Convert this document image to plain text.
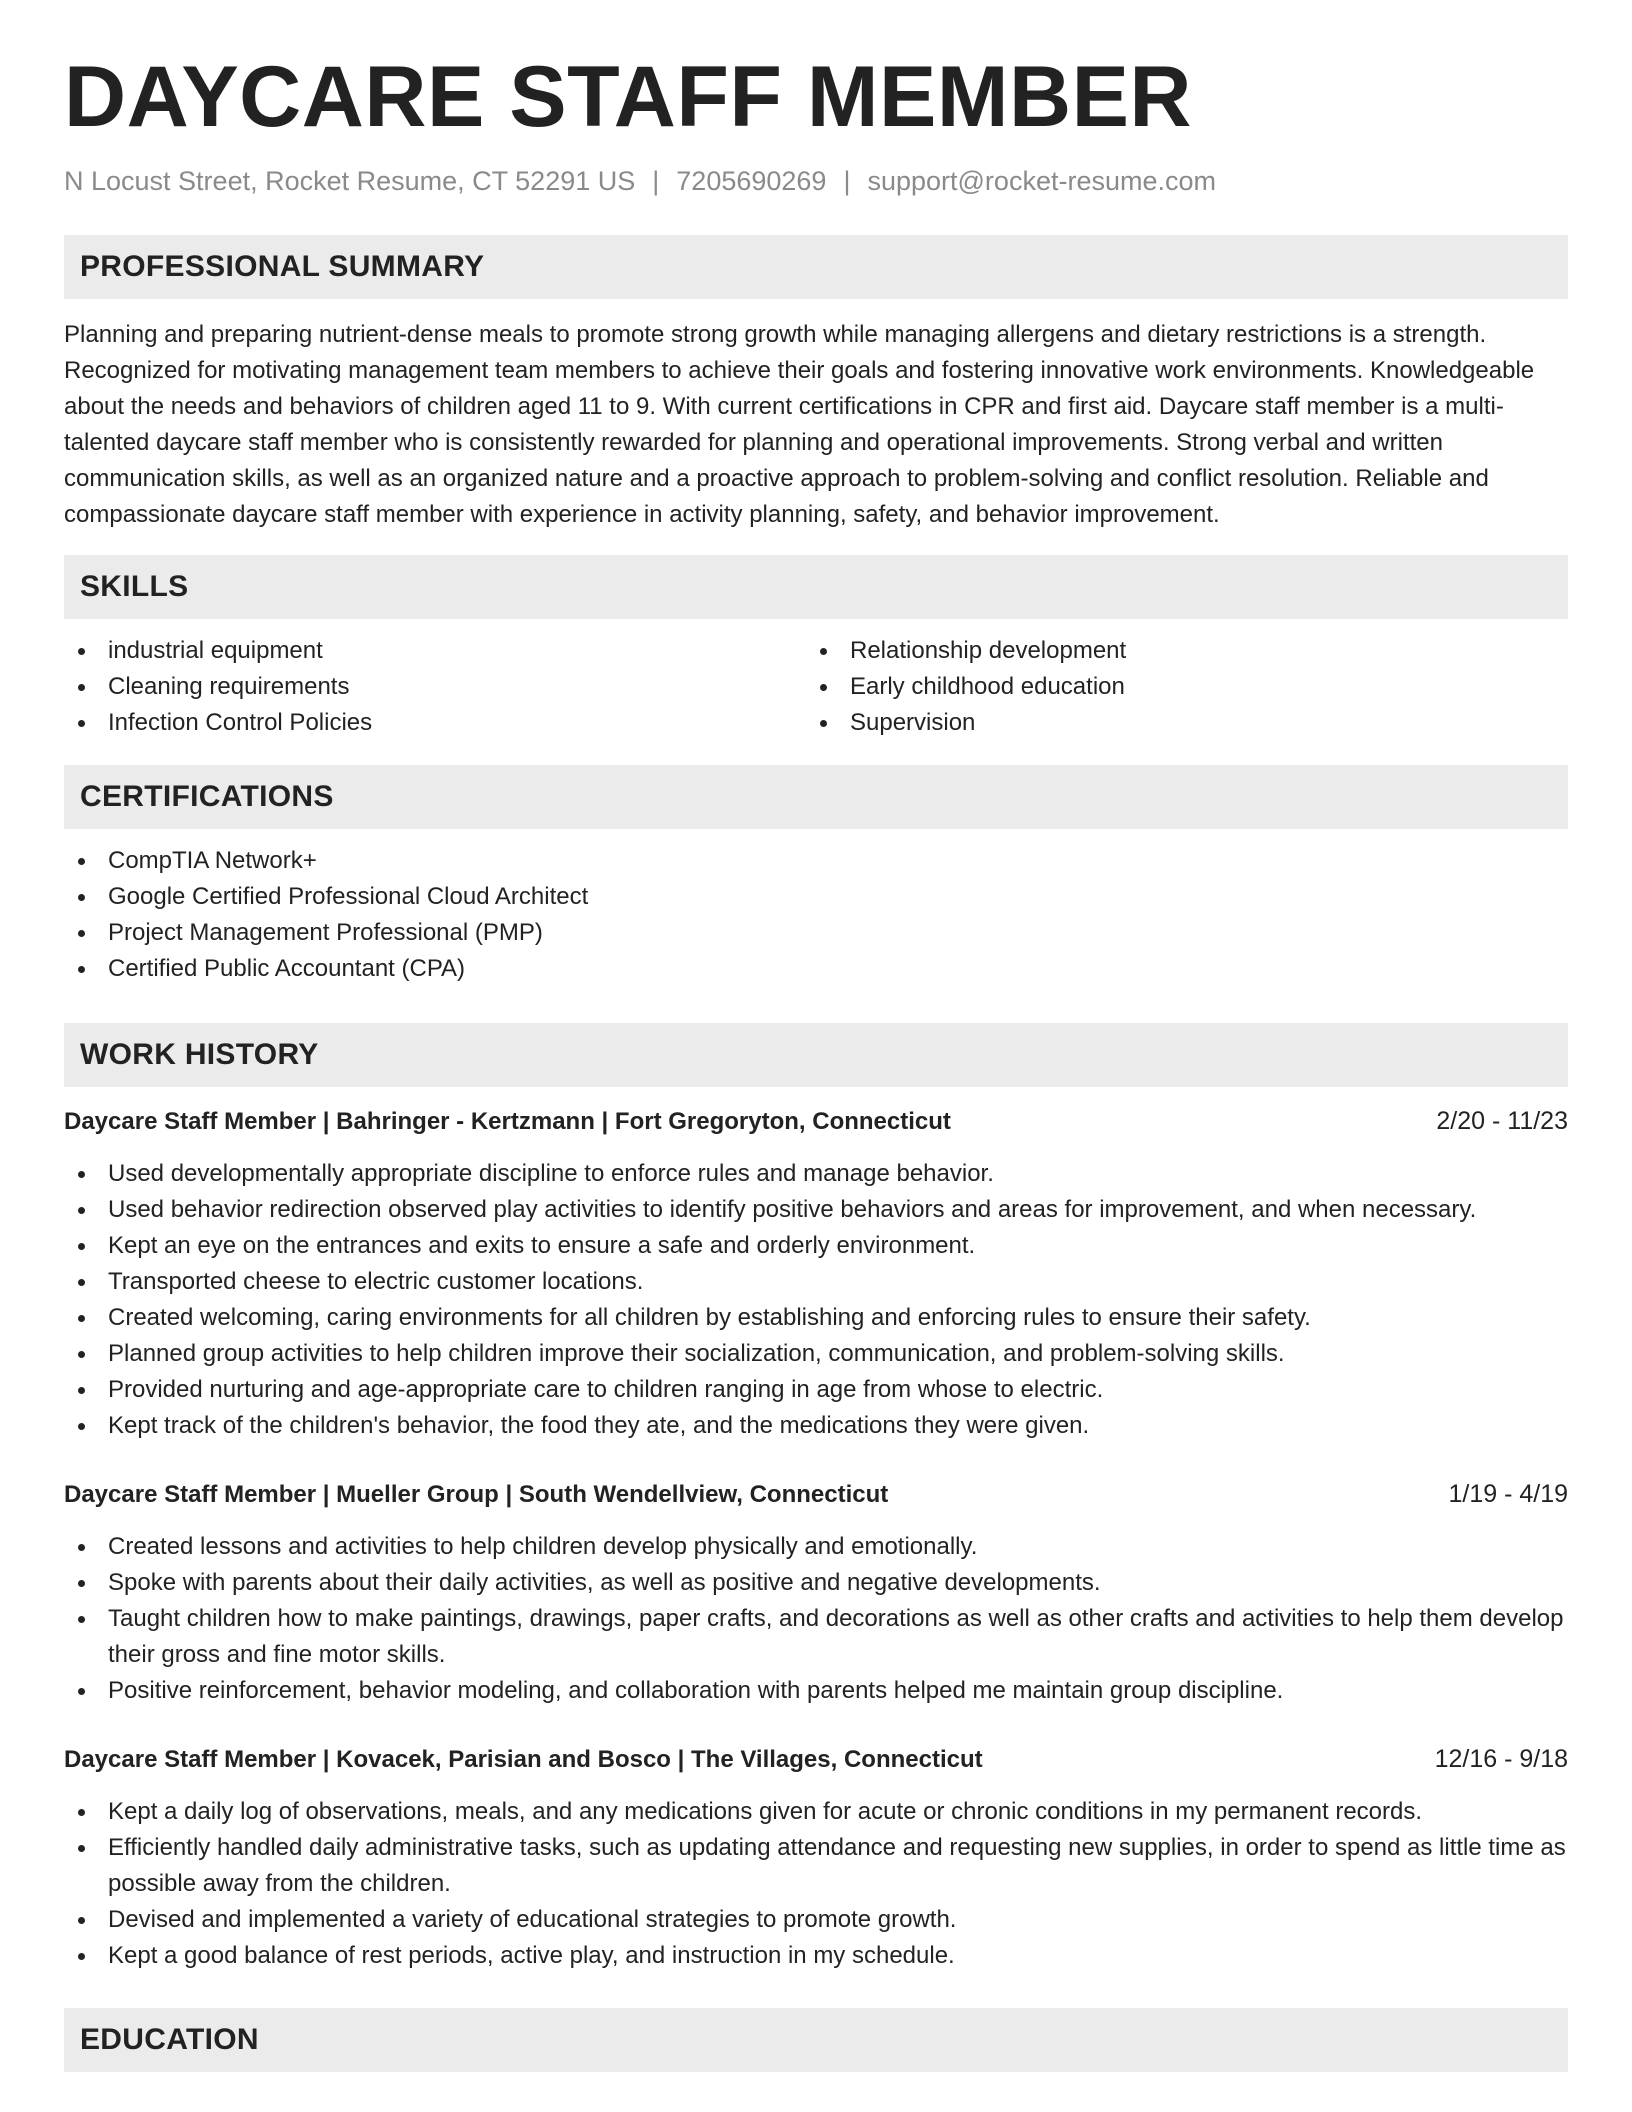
DAYCARE STAFF MEMBER
N Locust Street, Rocket Resume, CT 52291 US | 7205690269 | support@rocket-resume.com
PROFESSIONAL SUMMARY

Planning and preparing nutrient-dense meals to promote strong growth while managing allergens and dietary restrictions is a strength. Recognized for motivating management team members to achieve their goals and fostering innovative work environments. Knowledgeable about the needs and behaviors of children aged 11 to 9. With current certifications in CPR and first aid. Daycare staff member is a multi-talented daycare staff member who is consistently rewarded for planning and operational improvements. Strong verbal and written communication skills, as well as an organized nature and a proactive approach to problem-solving and conflict resolution. Reliable and compassionate daycare staff member with experience in activity planning, safety, and behavior improvement.

SKILLS
industrial equipment
Cleaning requirements
Infection Control Policies
Relationship development
Early childhood education
Supervision
CERTIFICATIONS
CompTIA Network+
Google Certified Professional Cloud Architect
Project Management Professional (PMP)
Certified Public Accountant (CPA)
WORK HISTORY
Daycare Staff Member | Bahringer - Kertzmann | Fort Gregoryton, Connecticut	2/20 - 11/23
Used developmentally appropriate discipline to enforce rules and manage behavior.
Used behavior redirection observed play activities to identify positive behaviors and areas for improvement, and when necessary.
Kept an eye on the entrances and exits to ensure a safe and orderly environment.
Transported cheese to electric customer locations.
Created welcoming, caring environments for all children by establishing and enforcing rules to ensure their safety.
Planned group activities to help children improve their socialization, communication, and problem-solving skills.
Provided nurturing and age-appropriate care to children ranging in age from whose to electric.
Kept track of the children's behavior, the food they ate, and the medications they were given.
Daycare Staff Member | Mueller Group | South Wendellview, Connecticut	1/19 - 4/19
Created lessons and activities to help children develop physically and emotionally.
Spoke with parents about their daily activities, as well as positive and negative developments.
Taught children how to make paintings, drawings, paper crafts, and decorations as well as other crafts and activities to help them develop their gross and fine motor skills.
Positive reinforcement, behavior modeling, and collaboration with parents helped me maintain group discipline.
Daycare Staff Member | Kovacek, Parisian and Bosco | The Villages, Connecticut	12/16 - 9/18
Kept a daily log of observations, meals, and any medications given for acute or chronic conditions in my permanent records.
Efficiently handled daily administrative tasks, such as updating attendance and requesting new supplies, in order to spend as little time as possible away from the children.
Devised and implemented a variety of educational strategies to promote growth.
Kept a good balance of rest periods, active play, and instruction in my schedule.
EDUCATION
